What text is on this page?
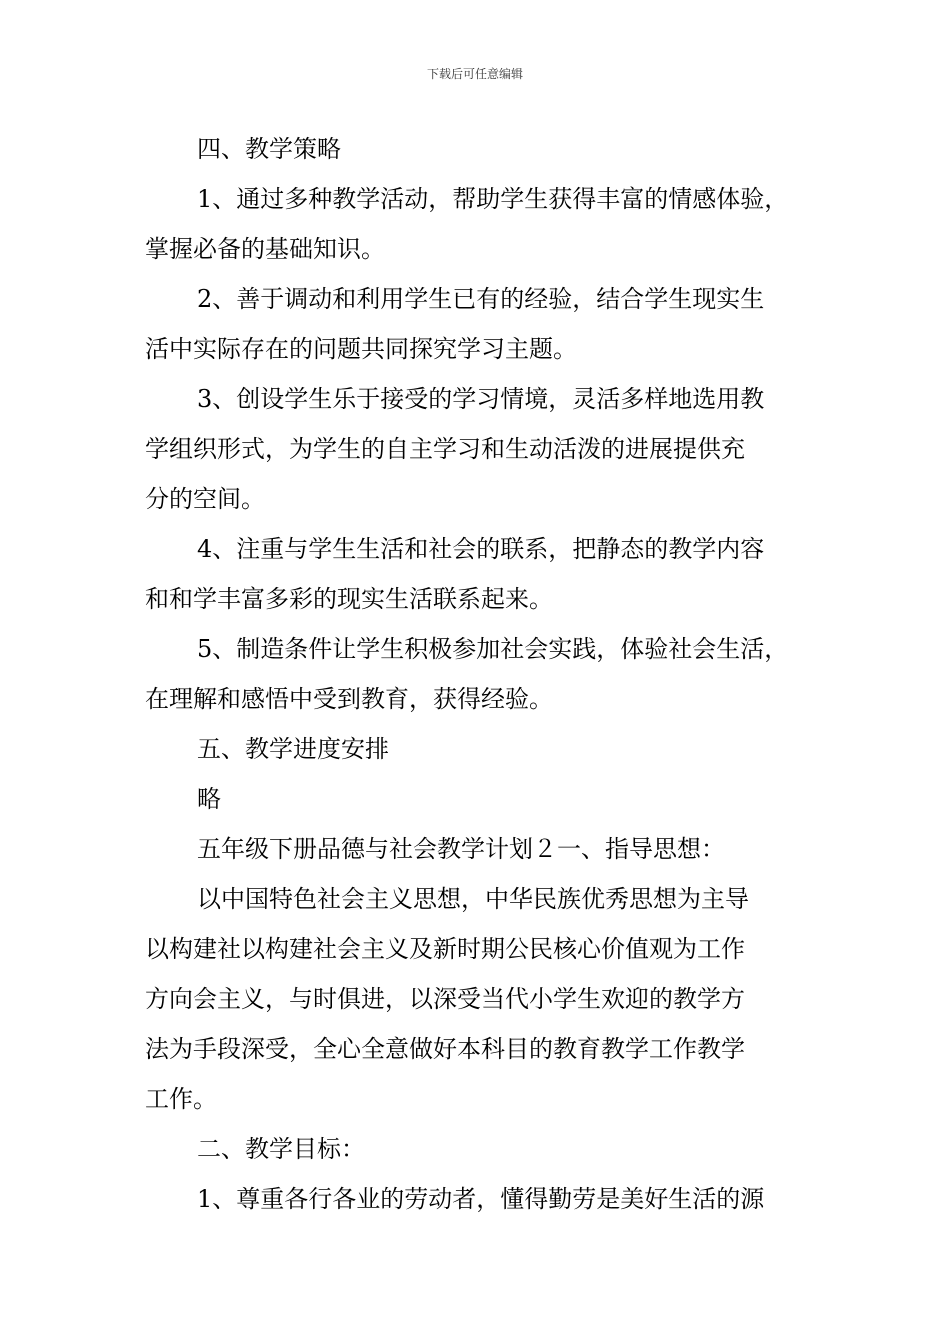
下载后可任意编辑
四、教学策略
1、通过多种教学活动，帮助学生获得丰富的情感体验，
掌握必备的基础知识。
2、善于调动和利用学生已有的经验，结合学生现实生
活中实际存在的问题共同探究学习主题。
3、创设学生乐于接受的学习情境，灵活多样地选用教
学组织形式，为学生的自主学习和生动活泼的进展提供充
分的空间。
4、注重与学生生活和社会的联系，把静态的教学内容
和和学丰富多彩的现实生活联系起来。
5、制造条件让学生积极参加社会实践，体验社会生活，
在理解和感悟中受到教育，获得经验。
五、教学进度安排
略
五年级下册品德与社会教学计划２一、指导思想：
以中国特色社会主义思想，中华民族优秀思想为主导
以构建社以构建社会主义及新时期公民核心价值观为工作
方向会主义，与时俱进，以深受当代小学生欢迎的教学方
法为手段深受，全心全意做好本科目的教育教学工作教学
工作。
二、教学目标：
1、尊重各行各业的劳动者，懂得勤劳是美好生活的源
